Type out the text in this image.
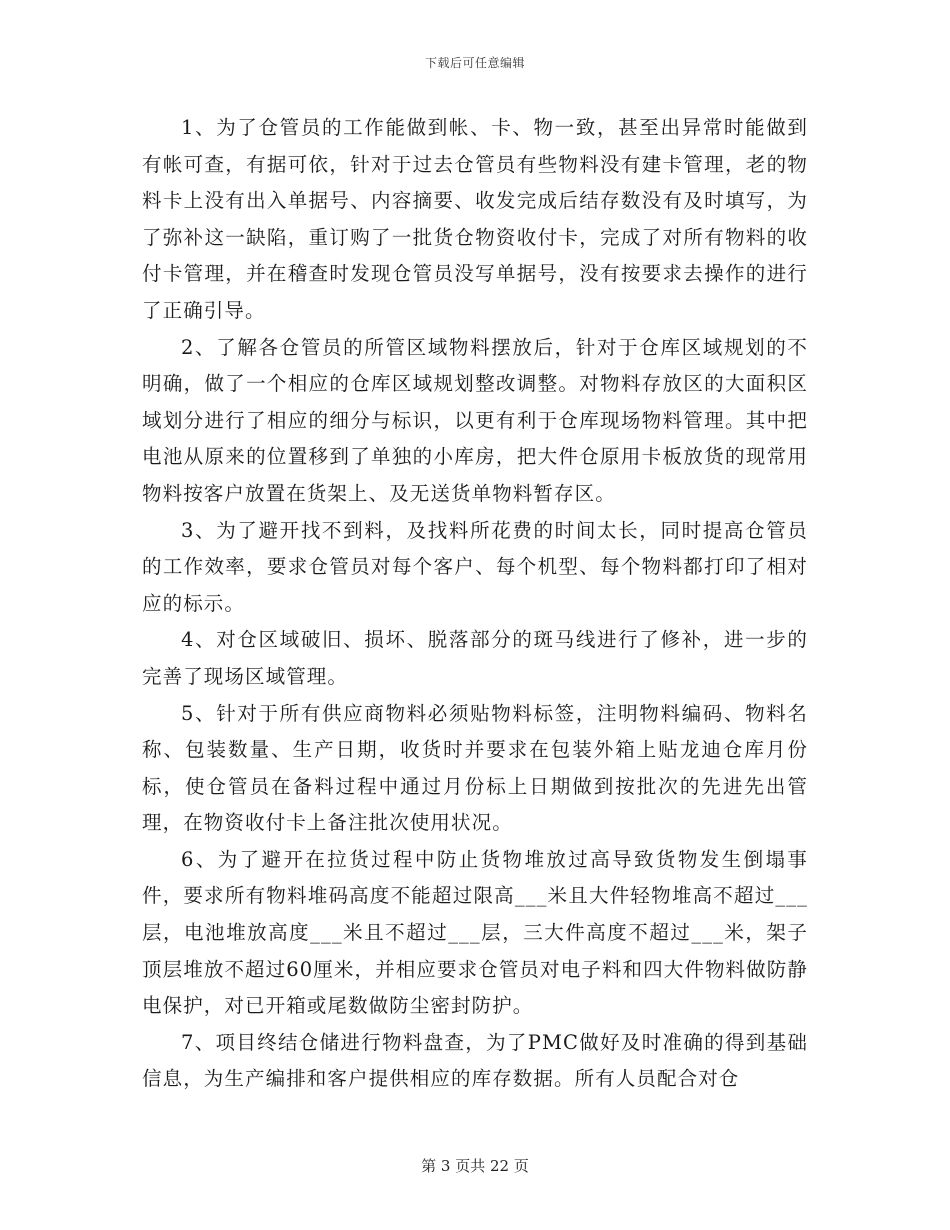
下载后可任意编辑

1、为了仓管员的工作能做到帐、卡、物一致，甚至出异常时能做到有帐可查，有据可依，针对于过去仓管员有些物料没有建卡管理，老的物料卡上没有出入单据号、内容摘要、收发完成后结存数没有及时填写，为了弥补这一缺陷，重订购了一批货仓物资收付卡，完成了对所有物料的收付卡管理，并在稽查时发现仓管员没写单据号，没有按要求去操作的进行了正确引导。

2、了解各仓管员的所管区域物料摆放后，针对于仓库区域规划的不明确，做了一个相应的仓库区域规划整改调整。对物料存放区的大面积区域划分进行了相应的细分与标识，以更有利于仓库现场物料管理。其中把电池从原来的位置移到了单独的小库房，把大件仓原用卡板放货的现常用物料按客户放置在货架上、及无送货单物料暂存区。

3、为了避开找不到料，及找料所花费的时间太长，同时提高仓管员的工作效率，要求仓管员对每个客户、每个机型、每个物料都打印了相对应的标示。

4、对仓区域破旧、损坏、脱落部分的斑马线进行了修补，进一步的完善了现场区域管理。

5、针对于所有供应商物料必须贴物料标签，注明物料编码、物料名称、包装数量、生产日期，收货时并要求在包装外箱上贴龙迪仓库月份标，使仓管员在备料过程中通过月份标上日期做到按批次的先进先出管理，在物资收付卡上备注批次使用状况。

6、为了避开在拉货过程中防止货物堆放过高导致货物发生倒塌事件，要求所有物料堆码高度不能超过限高___米且大件轻物堆高不超过___层，电池堆放高度___米且不超过___层，三大件高度不超过___米，架子顶层堆放不超过60厘米，并相应要求仓管员对电子料和四大件物料做防静电保护，对已开箱或尾数做防尘密封防护。

7、项目终结仓储进行物料盘查，为了PMC做好及时准确的得到基础信息，为生产编排和客户提供相应的库存数据。所有人员配合对仓

第 3 页共 22 页
